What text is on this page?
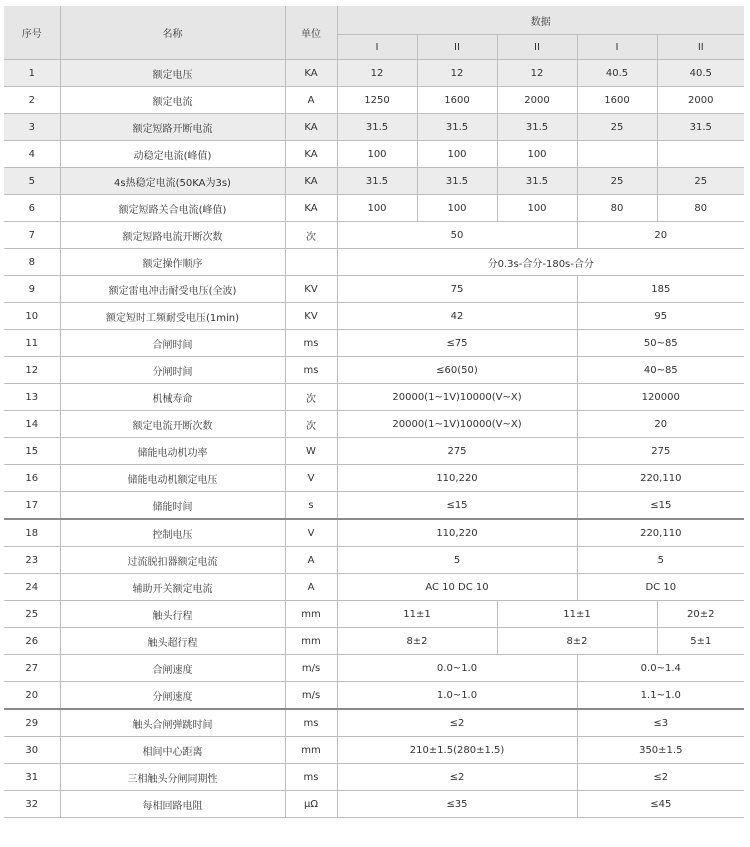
序号	名称	单位	数据				
			I	II	II	I	II
1	额定电压	KA	12	12	12	40.5	40.5
2	额定电流	A	1250	1600	2000	1600	2000
3	额定短路开断电流	KA	31.5	31.5	31.5	25	31.5
4	动稳定电流(峰值)	KA	100	100	100		
5	4s热稳定电流(50KA为3s)	KA	31.5	31.5	31.5	25	25
6	额定短路关合电流(峰值)	KA	100	100	100	80	80
7	额定短路电流开断次数	次	50			20	
8	额定操作顺序		分0.3s-合分-180s-合分				
9	额定雷电冲击耐受电压(全波)	KV	75			185	
10	额定短时工频耐受电压(1min)	KV	42			95	
11	合闸时间	ms	≤75			50~85	
12	分闸时间	ms	≤60(50)			40~85	
13	机械寿命	次	20000(1~1V)10000(V~X)			120000	
14	额定电流开断次数	次	20000(1~1V)10000(V~X)			20	
15	储能电动机功率	W	275			275	
16	储能电动机额定电压	V	110,220			220,110	
17	储能时间	s	≤15			≤15	
18	控制电压	V	110,220			220,110	
23	过流脱扣器额定电流	A	5			5	
24	辅助开关额定电流	A	AC 10 DC 10			DC 10	
25	触头行程	mm	11±1		11±1		20±2
26	触头超行程	mm	8±2		8±2		5±1
27	合闸速度	m/s	0.0~1.0			0.0~1.4	
20	分闸速度	m/s	1.0~1.0			1.1~1.0	
29	触头合闸弹跳时间	ms	≤2			≤3	
30	相间中心距离	mm	210±1.5(280±1.5)			350±1.5	
31	三相触头分闸同期性	ms	≤2			≤2	
32	每相回路电阻	μΩ	≤35			≤45	
